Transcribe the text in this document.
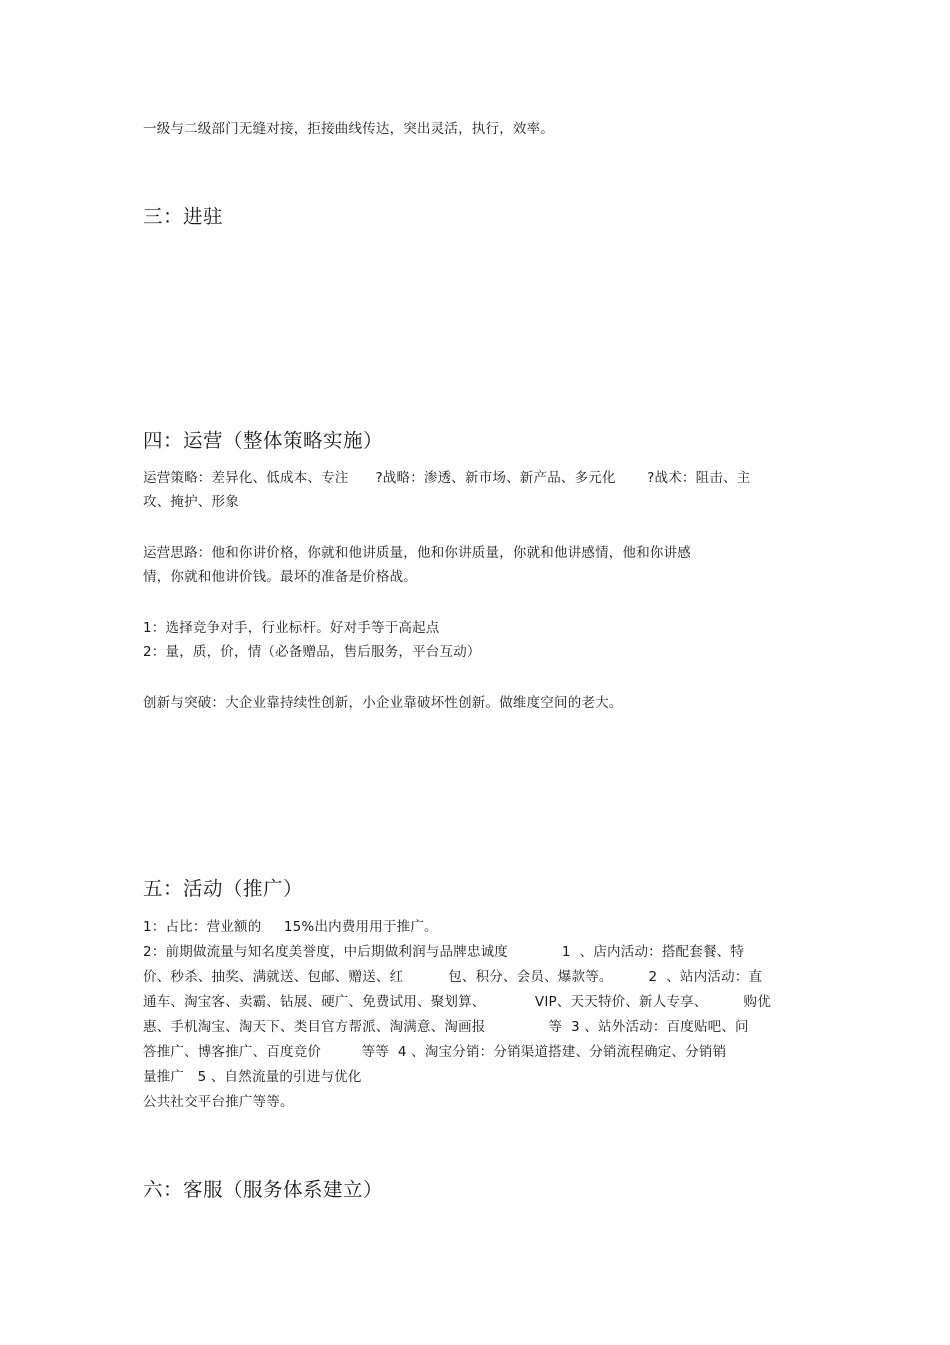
一级与二级部门无缝对接，拒接曲线传达，突出灵活，执行，效率。

三：进驻
四：运营（整体策略实施）

运营策略：差异化、低成本、专注      ?战略：渗透、新市场、新产品、多元化       ?战术：阻击、主

攻、掩护、形象

运营思路：他和你讲价格，你就和他讲质量，他和你讲质量，你就和他讲感情，他和你讲感

情，你就和他讲价钱。最坏的准备是价格战。

1：选择竞争对手，行业标杆。好对手等于高起点

2：量，质，价，情（必备赠品，售后服务，平台互动）

创新与突破：大企业靠持续性创新，小企业靠破坏性创新。做维度空间的老大。

五：活动（推广）

1：占比：营业额的     15%出内费用用于推广。

2：前期做流量与知名度美誉度，中后期做利润与品牌忠诚度            1  、店内活动：搭配套餐、特

价、秒杀、抽奖、满就送、包邮、赠送、红          包、积分、会员、爆款等。        2  、站内活动：直

通车、淘宝客、卖霸、钻展、硬广、免费试用、聚划算、           VIP、天天特价、新人专享、        购优

惠、手机淘宝、淘天下、类目官方帮派、淘满意、淘画报              等  3 、站外活动：百度贴吧、问

答推广、博客推广、百度竞价         等等  4 、淘宝分销：分销渠道搭建、分销流程确定、分销销

量推广   5 、自然流量的引进与优化

公共社交平台推广等等。

六：客服（服务体系建立）
